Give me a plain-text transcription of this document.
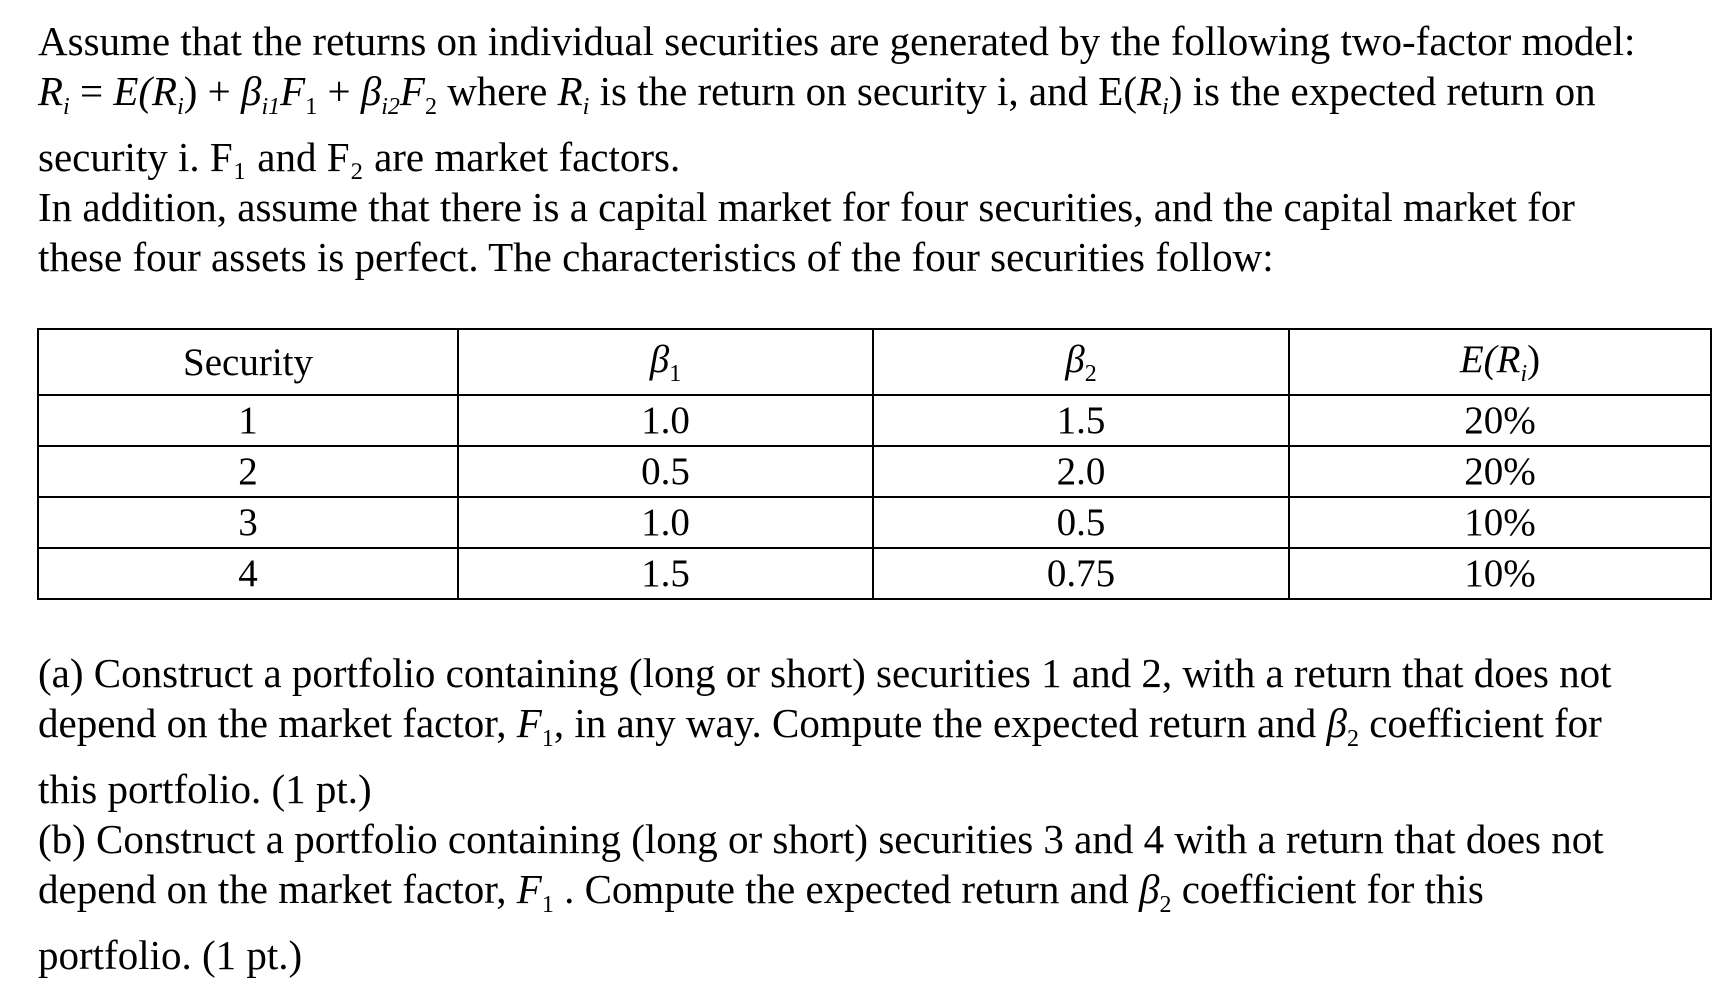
Assume that the returns on individual securities are generated by the following two-factor model:

$R_i = E(R_i) + \beta_{i1}F_1 + \beta_{i2}F_2$ where $R_i$ is the return on security i, and $E(R_i)$ is the expected return on

security i. F₁ and F₂ are market factors.

In addition, assume that there is a capital market for four securities, and the capital market for

these four assets is perfect. The characteristics of the four securities follow:

Security	$\beta_1$	$\beta_2$	$E(R_i)$
1	1.0	1.5	20%
2	0.5	2.0	20%
3	1.0	0.5	10%
4	1.5	0.75	10%

(a) Construct a portfolio containing (long or short) securities 1 and 2, with a return that does not

depend on the market factor, $F_1$, in any way. Compute the expected return and $\beta_2$ coefficient for

this portfolio. (1 pt.)

(b) Construct a portfolio containing (long or short) securities 3 and 4 with a return that does not

depend on the market factor, $F_1$ . Compute the expected return and $\beta_2$ coefficient for this

portfolio. (1 pt.)
